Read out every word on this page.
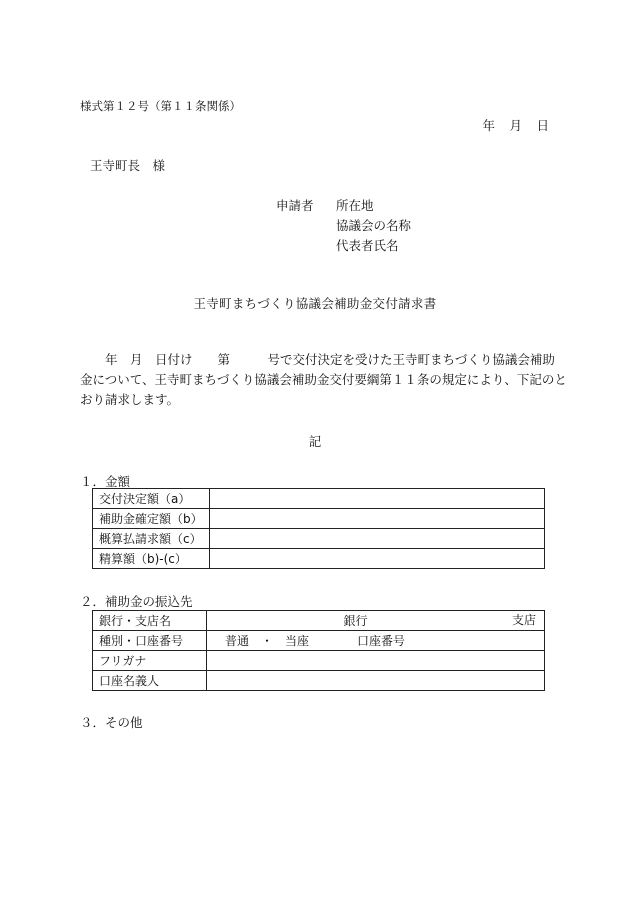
様式第１２号（第１１条関係）
年　月　日
王寺町長　様
申請者 所在地
協議会の名称
代表者氏名
王寺町まちづくり協議会補助金交付請求書
　　年　月　日付け　　第　　　号で交付決定を受けた王寺町まちづくり協議会補助
金について、王寺町まちづくり協議会補助金交付要綱第１１条の規定により、下記のと
おり請求します。
記
１．金額
交付決定額（a）	
補助金確定額（b）	
概算払請求額（c）	
精算額（b)-(c）	
２．補助金の振込先
銀行・支店名	銀行 支店

種別・口座番号	普通　・　当座　　　　口座番号
フリガナ	
口座名義人	
３．その他
